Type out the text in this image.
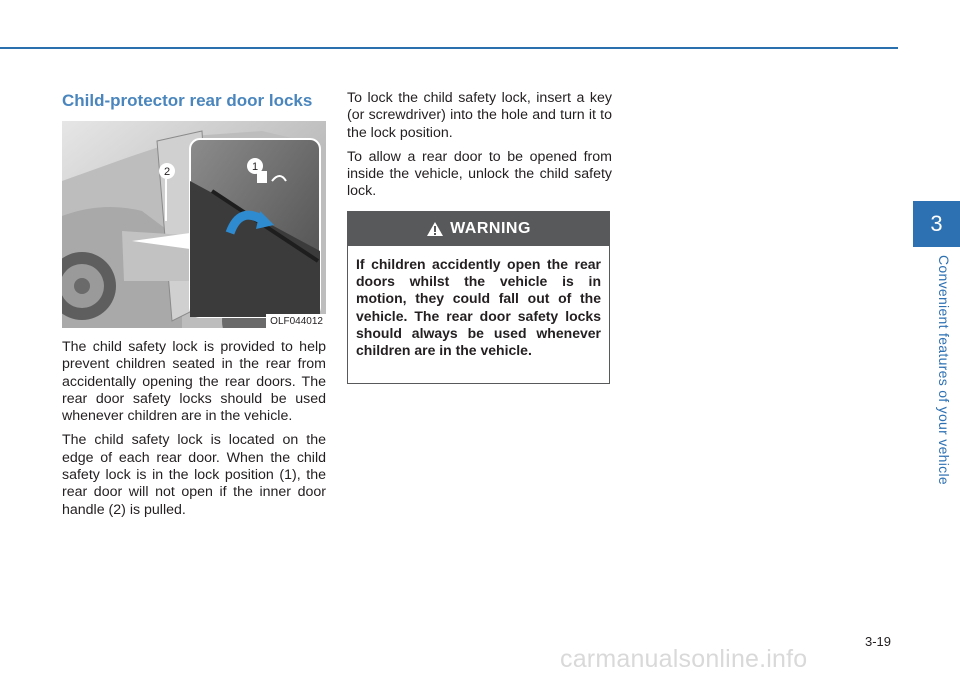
3
Convenient features of your vehicle
Child-protector rear door locks
1
2
OLF044012

The child safety lock is provided to help prevent children seated in the rear from accidentally opening the rear doors. The rear door safety locks should be used whenever children are in the vehicle.

The child safety lock is located on the edge of each rear door. When the child safety lock is in the lock position (1), the rear door will not open if the inner door handle (2) is pulled.

To lock the child safety lock, insert a key (or screwdriver) into the hole and turn it to the lock position.

To allow a rear door to be opened from inside the vehicle, unlock the child safety lock.

WARNING
If children accidently open the rear doors whilst the vehicle is in motion, they could fall out of the vehicle. The rear door safety locks should always be used whenever children are in the vehicle.
3-19
carmanualsonline.info
